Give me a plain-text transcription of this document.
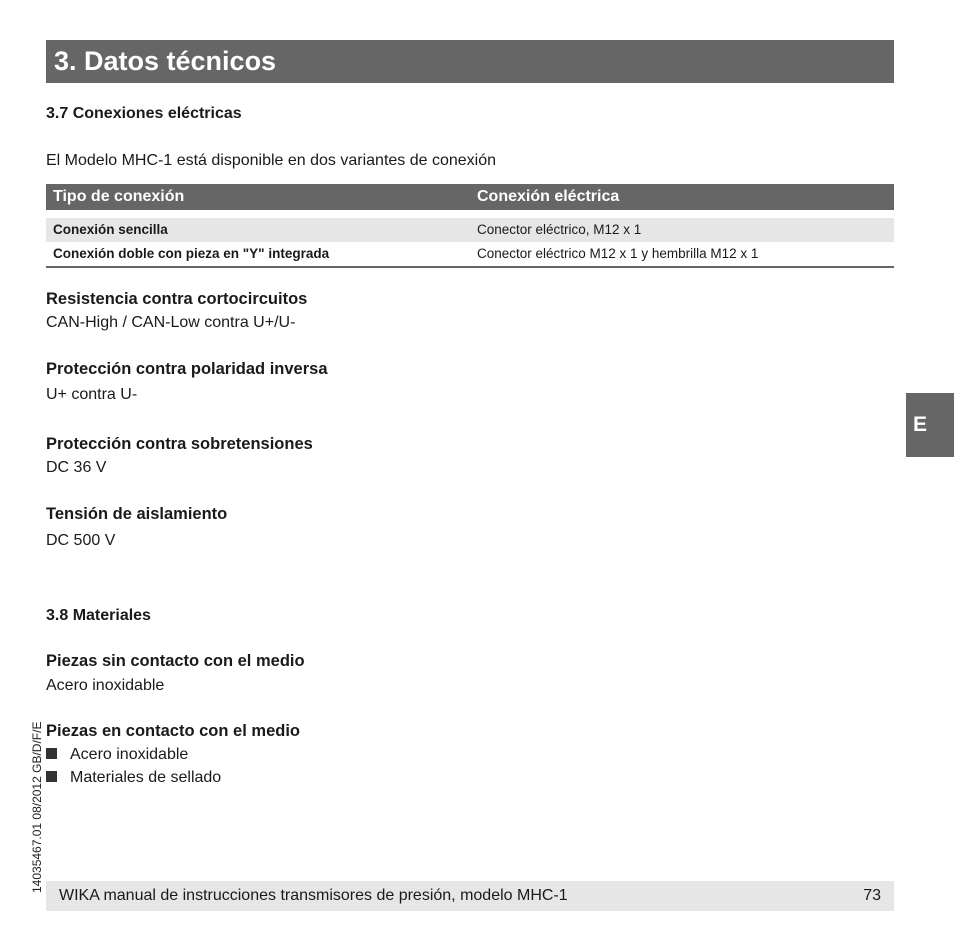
3. Datos técnicos
3.7 Conexiones eléctricas
El Modelo MHC-1 está disponible en dos variantes de conexión
Tipo de conexión	Conexión eléctrica
Conexión sencilla	Conector eléctrico, M12 x 1
Conexión doble con pieza en "Y" integrada	Conector eléctrico M12 x 1 y hembrilla M12 x 1
Resistencia contra cortocircuitos
CAN-High / CAN-Low contra U+/U-
Protección contra polaridad inversa
U+ contra U-
Protección contra sobretensiones
DC 36 V
Tensión de aislamiento
DC 500 V
3.8 Materiales
Piezas sin contacto con el medio
Acero inoxidable
Piezas en contacto con el medio
Acero inoxidable
Materiales de sellado
E
14035467.01 08/2012 GB/D/F/E
WIKA manual de instrucciones transmisores de presión, modelo MHC-1	73
